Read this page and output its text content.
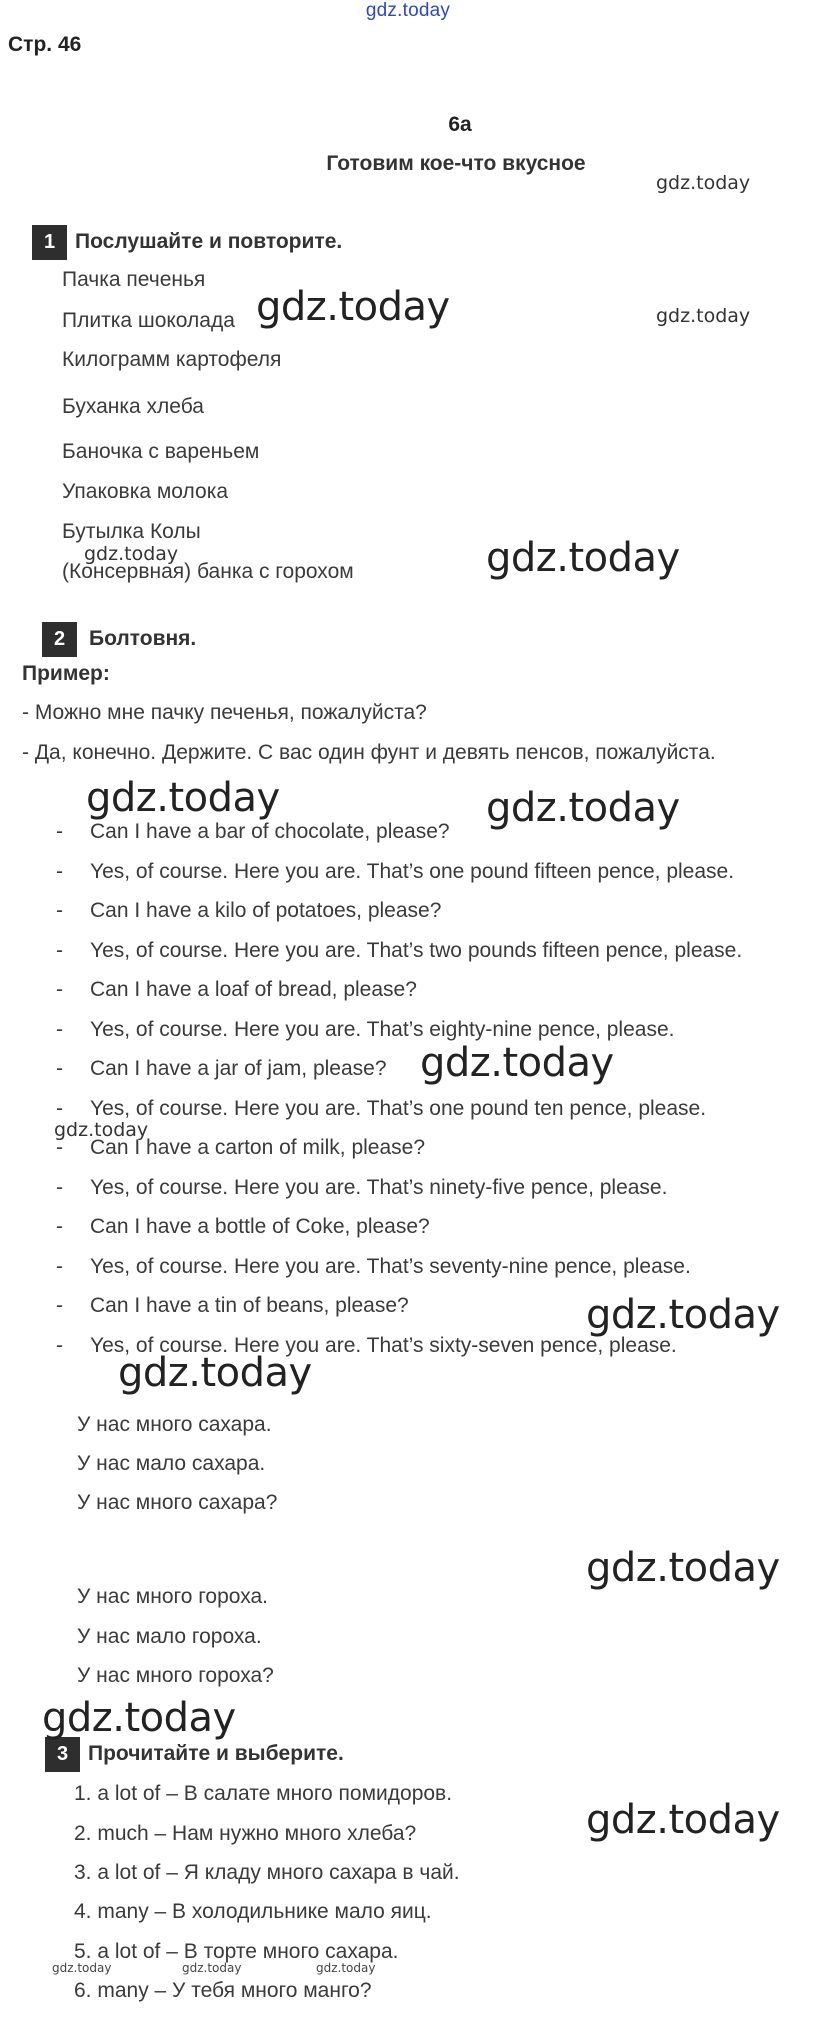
gdz.today
Стр. 46
6a
Готовим кое-что вкусное
1 Послушайте и повторите.
Пачка печенья
Плитка шоколада
Килограмм картофеля
Буханка хлеба
Баночка с вареньем
Упаковка молока
Бутылка Колы
(Консервная) банка с горохом
2 Болтовня.
Пример:
- Можно мне пачку печенья, пожалуйста?
- Да, конечно. Держите. С вас один фунт и девять пенсов, пожалуйста.
- Can I have a bar of chocolate, please?
- Yes, of course. Here you are. That’s one pound fifteen pence, please.
- Can I have a kilo of potatoes, please?
- Yes, of course. Here you are. That’s two pounds fifteen pence, please.
- Can I have a loaf of bread, please?
- Yes, of course. Here you are. That’s eighty-nine pence, please.
- Can I have a jar of jam, please?
- Yes, of course. Here you are. That’s one pound ten pence, please.
- Can I have a carton of milk, please?
- Yes, of course. Here you are. That’s ninety-five pence, please.
- Can I have a bottle of Coke, please?
- Yes, of course. Here you are. That’s seventy-nine pence, please.
- Can I have a tin of beans, please?
- Yes, of course. Here you are. That’s sixty-seven pence, please.
У нас много сахара.
У нас мало сахара.
У нас много сахара?
У нас много гороха.
У нас мало гороха.
У нас много гороха?
3 Прочитайте и выберите.
1. a lot of – В салате много помидоров.
2. much – Нам нужно много хлеба?
3. a lot of – Я кладу много сахара в чай.
4. many – В холодильнике мало яиц.
5. a lot of – В торте много сахара.
6. many – У тебя много манго?
gdz.today
gdz.today	gdz.today
gdz.today	gdz.today
gdz.today	gdz.today
gdz.today
gdz.today
gdz.today
gdz.today
gdz.today
gdz.today
gdz.today
gdz.today	gdz.today	gdz.today
